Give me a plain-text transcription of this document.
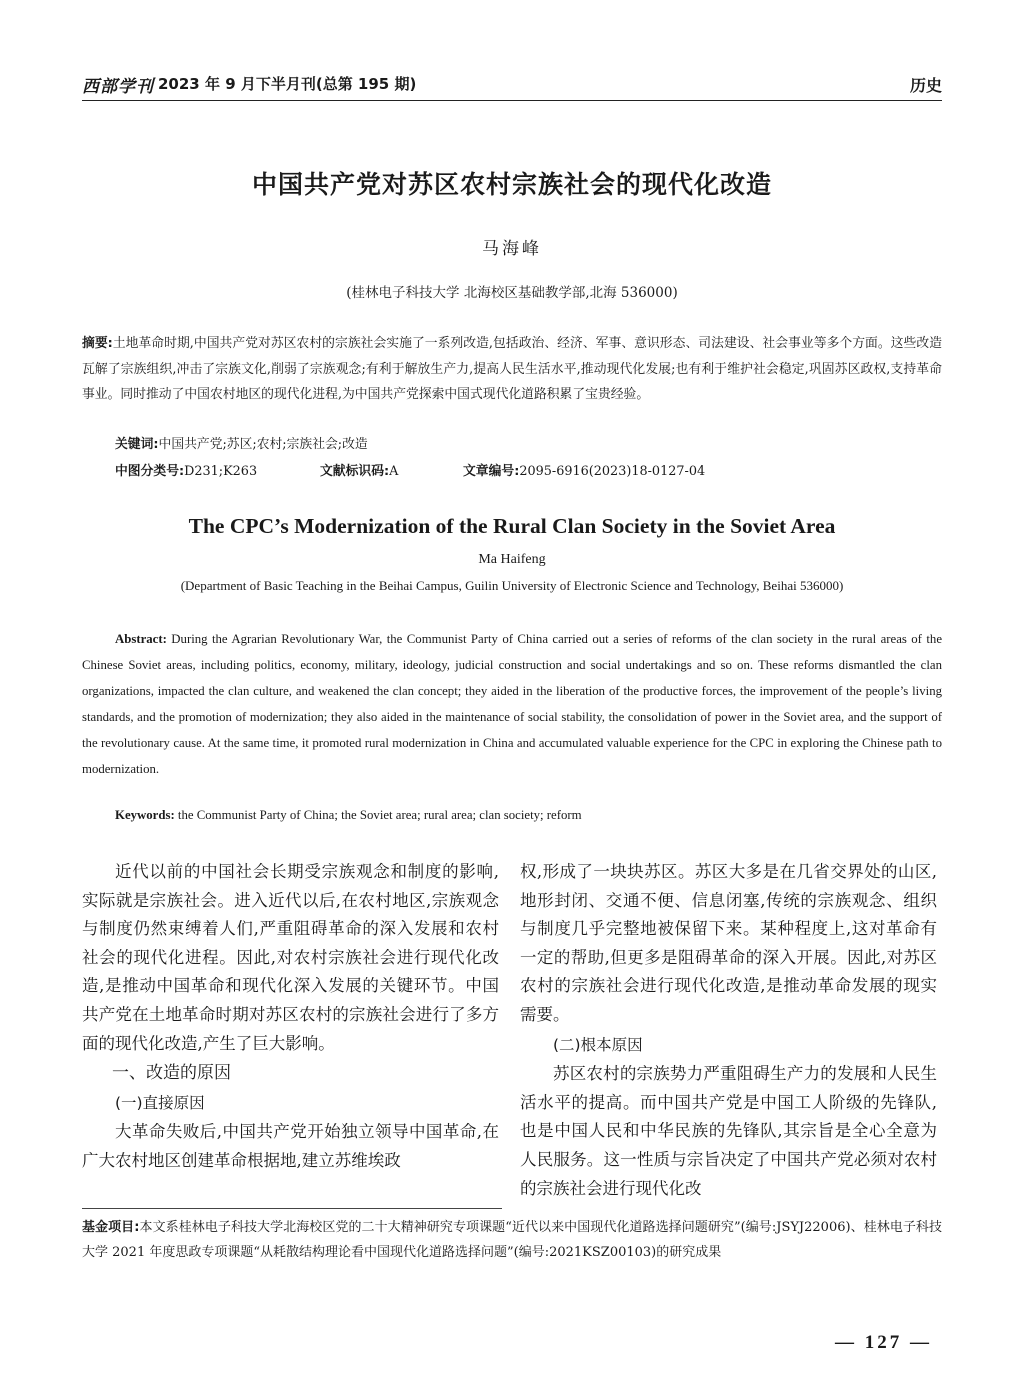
西部学刊 2023 年 9 月下半月刊(总第 195 期)	历史
中国共产党对苏区农村宗族社会的现代化改造
马海峰
(桂林电子科技大学 北海校区基础教学部,北海 536000)
摘要:土地革命时期,中国共产党对苏区农村的宗族社会实施了一系列改造,包括政治、经济、军事、意识形态、司法建设、社会事业等多个方面。这些改造瓦解了宗族组织,冲击了宗族文化,削弱了宗族观念;有利于解放生产力,提高人民生活水平,推动现代化发展;也有利于维护社会稳定,巩固苏区政权,支持革命事业。同时推动了中国农村地区的现代化进程,为中国共产党探索中国式现代化道路积累了宝贵经验。
关键词:中国共产党;苏区;农村;宗族社会;改造
中图分类号:D231;K263	文献标识码:A	文章编号:2095-6916(2023)18-0127-04
The CPC’s Modernization of the Rural Clan Society in the Soviet Area
Ma Haifeng
(Department of Basic Teaching in the Beihai Campus, Guilin University of Electronic Science and Technology, Beihai 536000)
Abstract: During the Agrarian Revolutionary War, the Communist Party of China carried out a series of reforms of the clan society in the rural areas of the Chinese Soviet areas, including politics, economy, military, ideology, judicial construction and social undertakings and so on. These reforms dismantled the clan organizations, impacted the clan culture, and weakened the clan concept; they aided in the liberation of the productive forces, the improvement of the people’s living standards, and the promotion of modernization; they also aided in the maintenance of social stability, the consolidation of power in the Soviet area, and the support of the revolutionary cause. At the same time, it promoted rural modernization in China and accumulated valuable experience for the CPC in exploring the Chinese path to modernization.
Keywords: the Communist Party of China; the Soviet area; rural area; clan society; reform

近代以前的中国社会长期受宗族观念和制度的影响,实际就是宗族社会。进入近代以后,在农村地区,宗族观念与制度仍然束缚着人们,严重阻碍革命的深入发展和农村社会的现代化进程。因此,对农村宗族社会进行现代化改造,是推动中国革命和现代化深入发展的关键环节。中国共产党在土地革命时期对苏区农村的宗族社会进行了多方面的现代化改造,产生了巨大影响。

一、改造的原因
(一)直接原因

大革命失败后,中国共产党开始独立领导中国革命,在广大农村地区创建革命根据地,建立苏维埃政

权,形成了一块块苏区。苏区大多是在几省交界处的山区,地形封闭、交通不便、信息闭塞,传统的宗族观念、组织与制度几乎完整地被保留下来。某种程度上,这对革命有一定的帮助,但更多是阻碍革命的深入开展。因此,对苏区农村的宗族社会进行现代化改造,是推动革命发展的现实需要。

(二)根本原因

苏区农村的宗族势力严重阻碍生产力的发展和人民生活水平的提高。而中国共产党是中国工人阶级的先锋队,也是中国人民和中华民族的先锋队,其宗旨是全心全意为人民服务。这一性质与宗旨决定了中国共产党必须对农村的宗族社会进行现代化改

基金项目:本文系桂林电子科技大学北海校区党的二十大精神研究专项课题“近代以来中国现代化道路选择问题研究”(编号:JSYJ22006)、桂林电子科技大学 2021 年度思政专项课题“从耗散结构理论看中国现代化道路选择问题”(编号:2021KSZ00103)的研究成果
— 127 —
